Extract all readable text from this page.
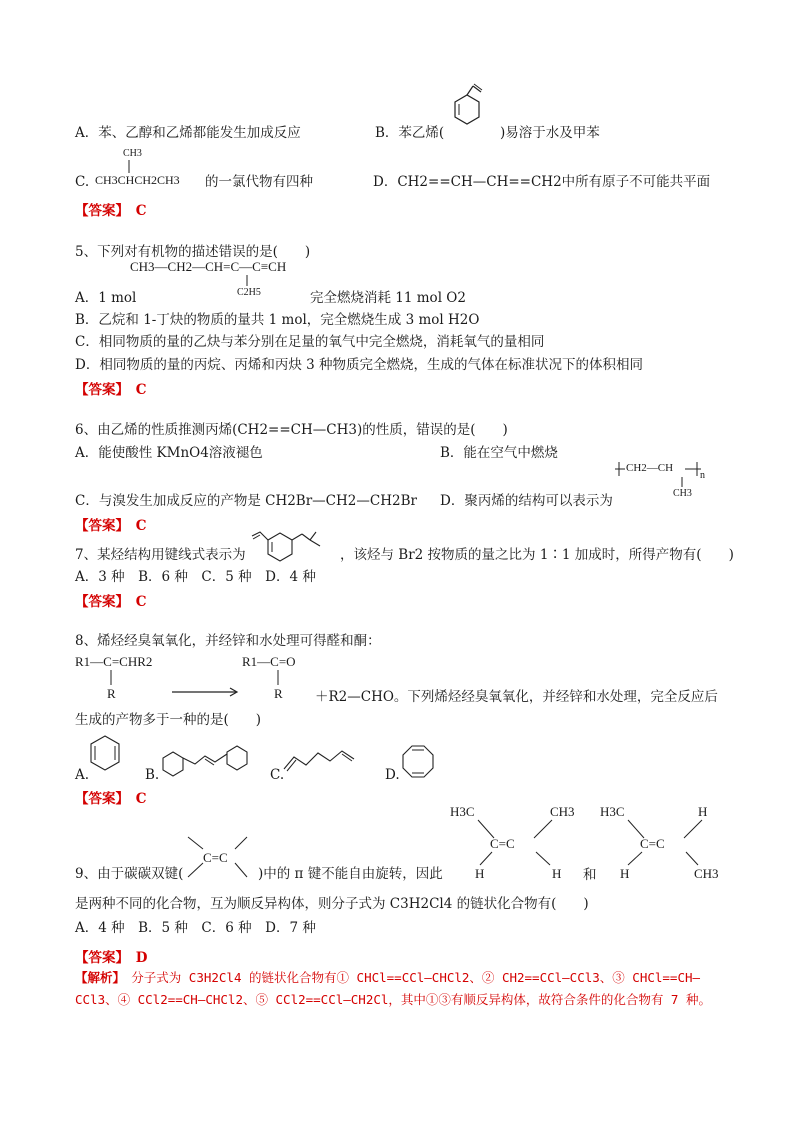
A．苯、乙醇和乙烯都能发生加成反应	B．苯乙烯(	)易溶于水及甲苯
C.
CH3
CH3CHCH2CH3 的一氯代物有四种	D．CH2==CH—CH==CH2中所有原子不可能共平面
【答案】　 C
5、下列对有机物的描述错误的是(　　)
CH3—CH2—CH=C—C≡CH
C2H5
A．1 mol	完全燃烧消耗 11 mol O2
B．乙烷和 1-丁炔的物质的量共 1 mol，完全燃烧生成 3 mol H2O
C．相同物质的量的乙炔与苯分别在足量的氧气中完全燃烧，消耗氧气的量相同
D．相同物质的量的丙烷、丙烯和丙炔 3 种物质完全燃烧，生成的气体在标准状况下的体积相同
【答案】　 C
6、由乙烯的性质推测丙烯(CH2==CH—CH3)的性质，错误的是(　　)
A．能使酸性 KMnO4溶液褪色	B．能在空气中燃烧
CH2—CH
n
CH3
C．与溴发生加成反应的产物是 CH2Br—CH2—CH2Br D．聚丙烯的结构可以表示为
【答案】　 C
7、某烃结构用键线式表示为	，该烃与 Br2 按物质的量之比为 1∶1 加成时，所得产物有(　　)
A．3 种　B．6 种　C．5 种　D．4 种
【答案】　 C
8、烯烃经臭氧氧化，并经锌和水处理可得醛和酮：
R1—C=CHR2
R
R1—C=O
R ＋R2—CHO。下列烯烃经臭氧氧化，并经锌和水处理，完全反应后
生成的产物多于一种的是(　　)
A.	B.	C.	D.
【答案】　 C
C=C
9、由于碳碳双键(	)中的 π 键不能自由旋转，因此
H3C	CH3
C=C
H	H 和
H3C	H
C=C
H	CH3
是两种不同的化合物，互为顺反异构体，则分子式为 C3H2Cl4 的链状化合物有(　　)
A．4 种　B．5 种　C．6 种　D．7 种
【答案】　 D
【解析】　 分子式为 C3H2Cl4 的链状化合物有① CHCl==CCl—CHCl2、② CH2==CCl—CCl3、③ CHCl==CH—CCl3、④ CCl2==CH—CHCl2、⑤ CCl2==CCl—CH2Cl，其中①③有顺反异构体，故符合条件的化合物有 7 种。
